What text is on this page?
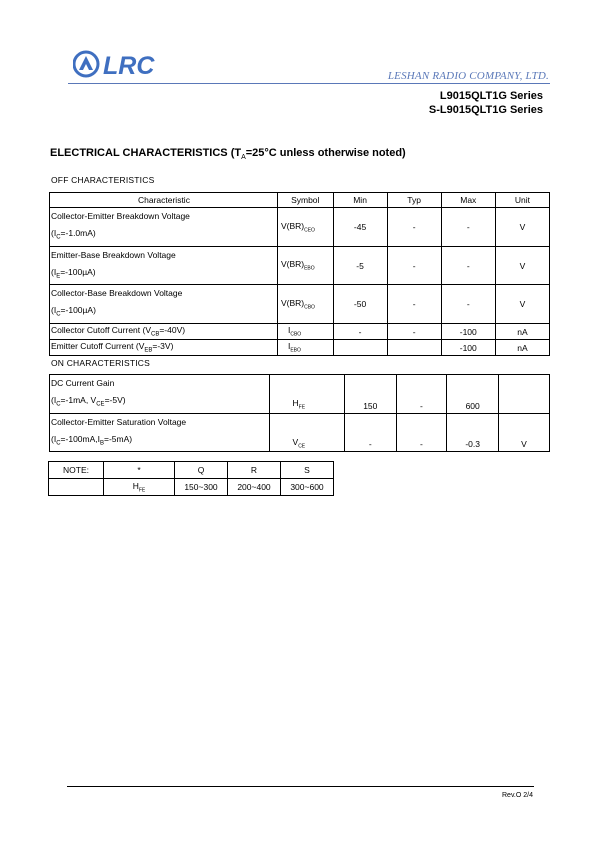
LRC	LESHAN RADIO COMPANY, LTD.
L9015QLT1G Series
S-L9015QLT1G Series
ELECTRICAL CHARACTERISTICS ($T_A=25^\circ C$ unless otherwise noted)
OFF CHARACTERISTICS
Characteristic	Symbol	Min	Typ	Max	Unit

Collector-Emitter Breakdown Voltage
$(I_C=-1.0mA)$	$V(BR)_{CEO}$	-45	-	-	V

Emitter-Base Breakdown Voltage
$(I_E=-100\mu A)$	$V(BR)_{EBO}$	-5	-	-	V

Collector-Base Breakdown Voltage
$(I_C=-100\mu A)$	$V(BR)_{CBO}$	-50	-	-	V
Collector Cutoff Current $(V_{CB}=-40V)$	$I_{CBO}$	-	-	-100	nA
Emitter Cutoff Current $(V_{EB}=-3V)$	$I_{EBO}$			-100	nA
ON CHARACTERISTICS
DC Current Gain
($I_C=-1mA$, $V_{CE}=-5V$)	$H_{FE}$	150	-	600	

Collector-Emitter Saturation Voltage
$(I_C=-100mA,I_B=-5mA)$	$V_{CE}$	-	-	-0.3	V
NOTE:	*	Q	R	S
	$H_{FE}$	150~300	200~400	300~600
Rev.O 2/4
